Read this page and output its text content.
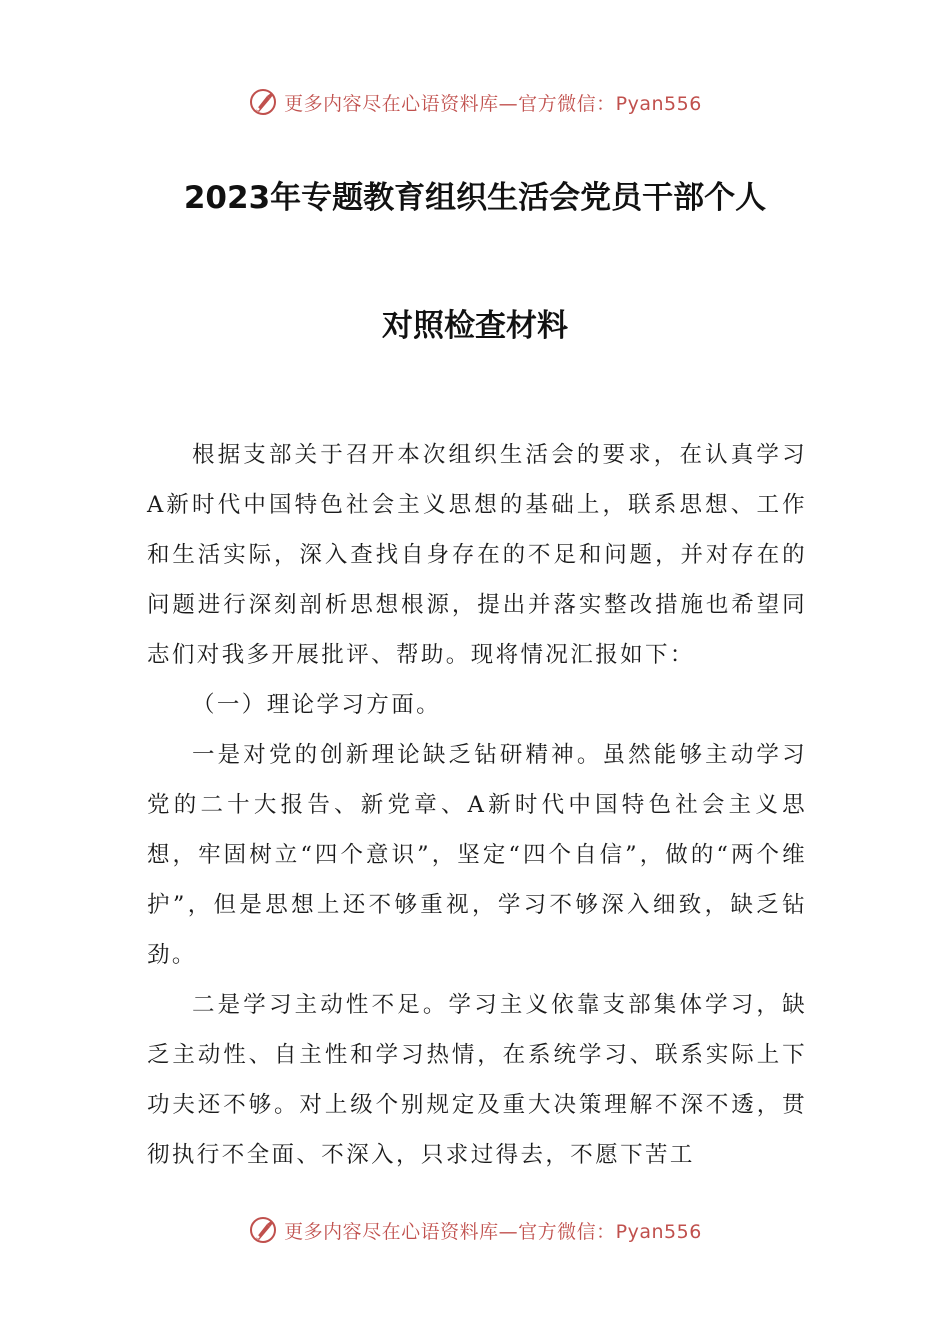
更多内容尽在心语资料库—官方微信：Pyan556
2023年专题教育组织生活会党员干部个人
对照检查材料

根据支部关于召开本次组织生活会的要求，在认真学习A新时代中国特色社会主义思想的基础上，联系思想、工作和生活实际，深入查找自身存在的不足和问题，并对存在的问题进行深刻剖析思想根源，提出并落实整改措施也希望同志们对我多开展批评、帮助。现将情况汇报如下：

（一）理论学习方面。

一是对党的创新理论缺乏钻研精神。虽然能够主动学习党的二十大报告、新党章、A新时代中国特色社会主义思想，牢固树立“四个意识”，坚定“四个自信”，做的“两个维护”，但是思想上还不够重视，学习不够深入细致，缺乏钻劲。

二是学习主动性不足。学习主义依靠支部集体学习，缺乏主动性、自主性和学习热情，在系统学习、联系实际上下功夫还不够。对上级个别规定及重大决策理解不深不透，贯彻执行不全面、不深入，只求过得去，不愿下苦工

更多内容尽在心语资料库—官方微信：Pyan556
